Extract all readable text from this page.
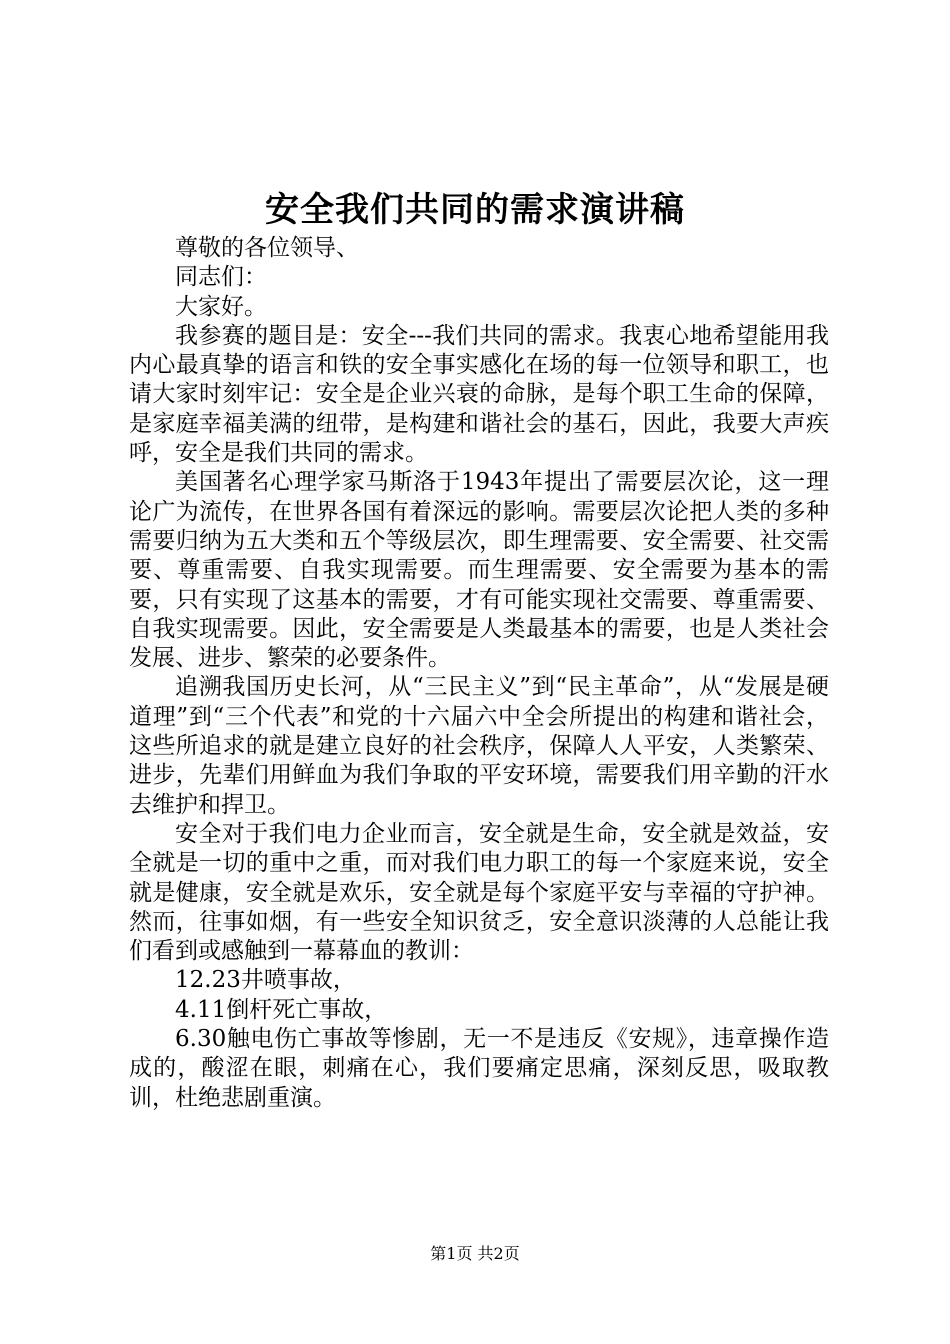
安全我们共同的需求演讲稿

尊敬的各位领导、

同志们：

大家好。

我参赛的题目是：安全---我们共同的需求。我衷心地希望能用我内心最真挚的语言和铁的安全事实感化在场的每一位领导和职工，也请大家时刻牢记：安全是企业兴衰的命脉，是每个职工生命的保障，是家庭幸福美满的纽带，是构建和谐社会的基石，因此，我要大声疾呼，安全是我们共同的需求。

美国著名心理学家马斯洛于1943年提出了需要层次论，这一理论广为流传，在世界各国有着深远的影响。需要层次论把人类的多种需要归纳为五大类和五个等级层次，即生理需要、安全需要、社交需要、尊重需要、自我实现需要。而生理需要、安全需要为基本的需要，只有实现了这基本的需要，才有可能实现社交需要、尊重需要、自我实现需要。因此，安全需要是人类最基本的需要，也是人类社会发展、进步、繁荣的必要条件。

追溯我国历史长河，从“三民主义”到“民主革命”，从“发展是硬道理”到“三个代表”和党的十六届六中全会所提出的构建和谐社会，这些所追求的就是建立良好的社会秩序，保障人人平安，人类繁荣、进步，先辈们用鲜血为我们争取的平安环境，需要我们用辛勤的汗水去维护和捍卫。

安全对于我们电力企业而言，安全就是生命，安全就是效益，安全就是一切的重中之重，而对我们电力职工的每一个家庭来说，安全就是健康，安全就是欢乐，安全就是每个家庭平安与幸福的守护神。然而，往事如烟，有一些安全知识贫乏，安全意识淡薄的人总能让我们看到或感触到一幕幕血的教训：

12.23井喷事故，

4.11倒杆死亡事故，

6.30触电伤亡事故等惨剧，无一不是违反《安规》，违章操作造成的，酸涩在眼，刺痛在心，我们要痛定思痛，深刻反思，吸取教训，杜绝悲剧重演。

第1页 共2页
